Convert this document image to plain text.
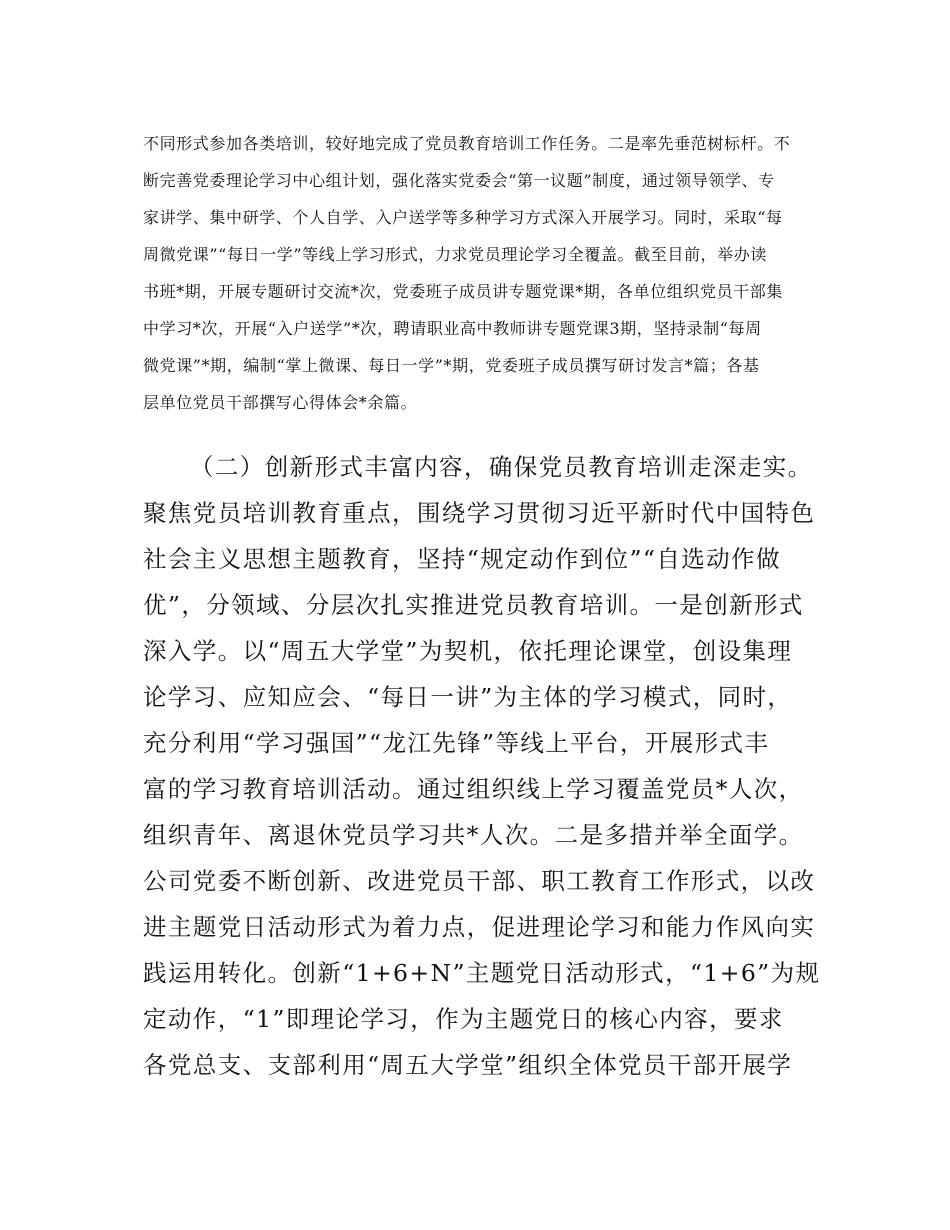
不同形式参加各类培训，较好地完成了党员教育培训工作任务。二是率先垂范树标杆。不
断完善党委理论学习中心组计划，强化落实党委会“第一议题”制度，通过领导领学、专
家讲学、集中研学、个人自学、入户送学等多种学习方式深入开展学习。同时，采取“每
周微党课”“每日一学”等线上学习形式，力求党员理论学习全覆盖。截至目前，举办读
书班*期，开展专题研讨交流*次，党委班子成员讲专题党课*期，各单位组织党员干部集
中学习*次，开展“入户送学”*次，聘请职业高中教师讲专题党课3期，坚持录制“每周
微党课”*期，编制“掌上微课、每日一学”*期，党委班子成员撰写研讨发言*篇；各基
层单位党员干部撰写心得体会*余篇。
（二）创新形式丰富内容，确保党员教育培训走深走实。
聚焦党员培训教育重点，围绕学习贯彻习近平新时代中国特色
社会主义思想主题教育，坚持“规定动作到位”“自选动作做
优”，分领域、分层次扎实推进党员教育培训。一是创新形式
深入学。以“周五大学堂”为契机，依托理论课堂，创设集理
论学习、应知应会、“每日一讲”为主体的学习模式，同时，
充分利用“学习强国”“龙江先锋”等线上平台，开展形式丰
富的学习教育培训活动。通过组织线上学习覆盖党员*人次，
组织青年、离退休党员学习共*人次。二是多措并举全面学。
公司党委不断创新、改进党员干部、职工教育工作形式，以改
进主题党日活动形式为着力点，促进理论学习和能力作风向实
践运用转化。创新“1+6+N”主题党日活动形式，“1+6”为规
定动作，“1”即理论学习，作为主题党日的核心内容，要求
各党总支、支部利用“周五大学堂”组织全体党员干部开展学
